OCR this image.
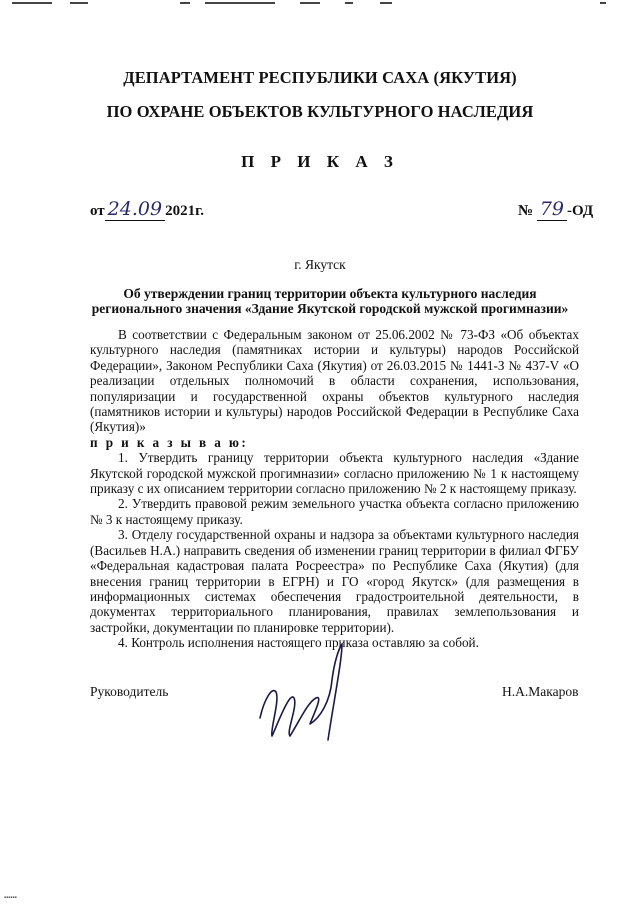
ДЕПАРТАМЕНТ РЕСПУБЛИКИ САХА (ЯКУТИЯ)
ПО ОХРАНЕ ОБЪЕКТОВ КУЛЬТУРНОГО НАСЛЕДИЯ
П Р И К А З
от 24.09 2021г.	№ 79 -ОД
г. Якутск
Об утверждении границ территории объекта культурного наследия регионального значения «Здание Якутской городской мужской прогимназии»

В соответствии с Федеральным законом от 25.06.2002 № 73-ФЗ «Об объектах культурного наследия (памятниках истории и культуры) народов Российской Федерации», Законом Республики Саха (Якутия) от 26.03.2015 № 1441-З № 437-V «О реализации отдельных полномочий в области сохранения, использования, популяризации и государственной охраны объектов культурного наследия (памятников истории и культуры) народов Российской Федерации в Республике Саха (Якутия)»

п р и к а з ы в а ю:

1. Утвердить границу территории объекта культурного наследия «Здание Якутской городской мужской прогимназии» согласно приложению № 1 к настоящему приказу с их описанием территории согласно приложению № 2 к настоящему приказу.

2. Утвердить правовой режим земельного участка объекта согласно приложению № 3 к настоящему приказу.

3. Отделу государственной охраны и надзора за объектами культурного наследия (Васильев Н.А.) направить сведения об изменении границ территории в филиал ФГБУ «Федеральная кадастровая палата Росреестра» по Республике Саха (Якутия) (для внесения границ территории в ЕГРН) и ГО «город Якутск» (для размещения в информационных системах обеспечения градостроительной деятельности, в документах территориального планирования, правилах землепользования и застройки, документации по планировке территории).

4. Контроль исполнения настоящего приказа оставляю за собой.

Руководитель	Н.А.Макаров
▪▪▪▪▪▪
